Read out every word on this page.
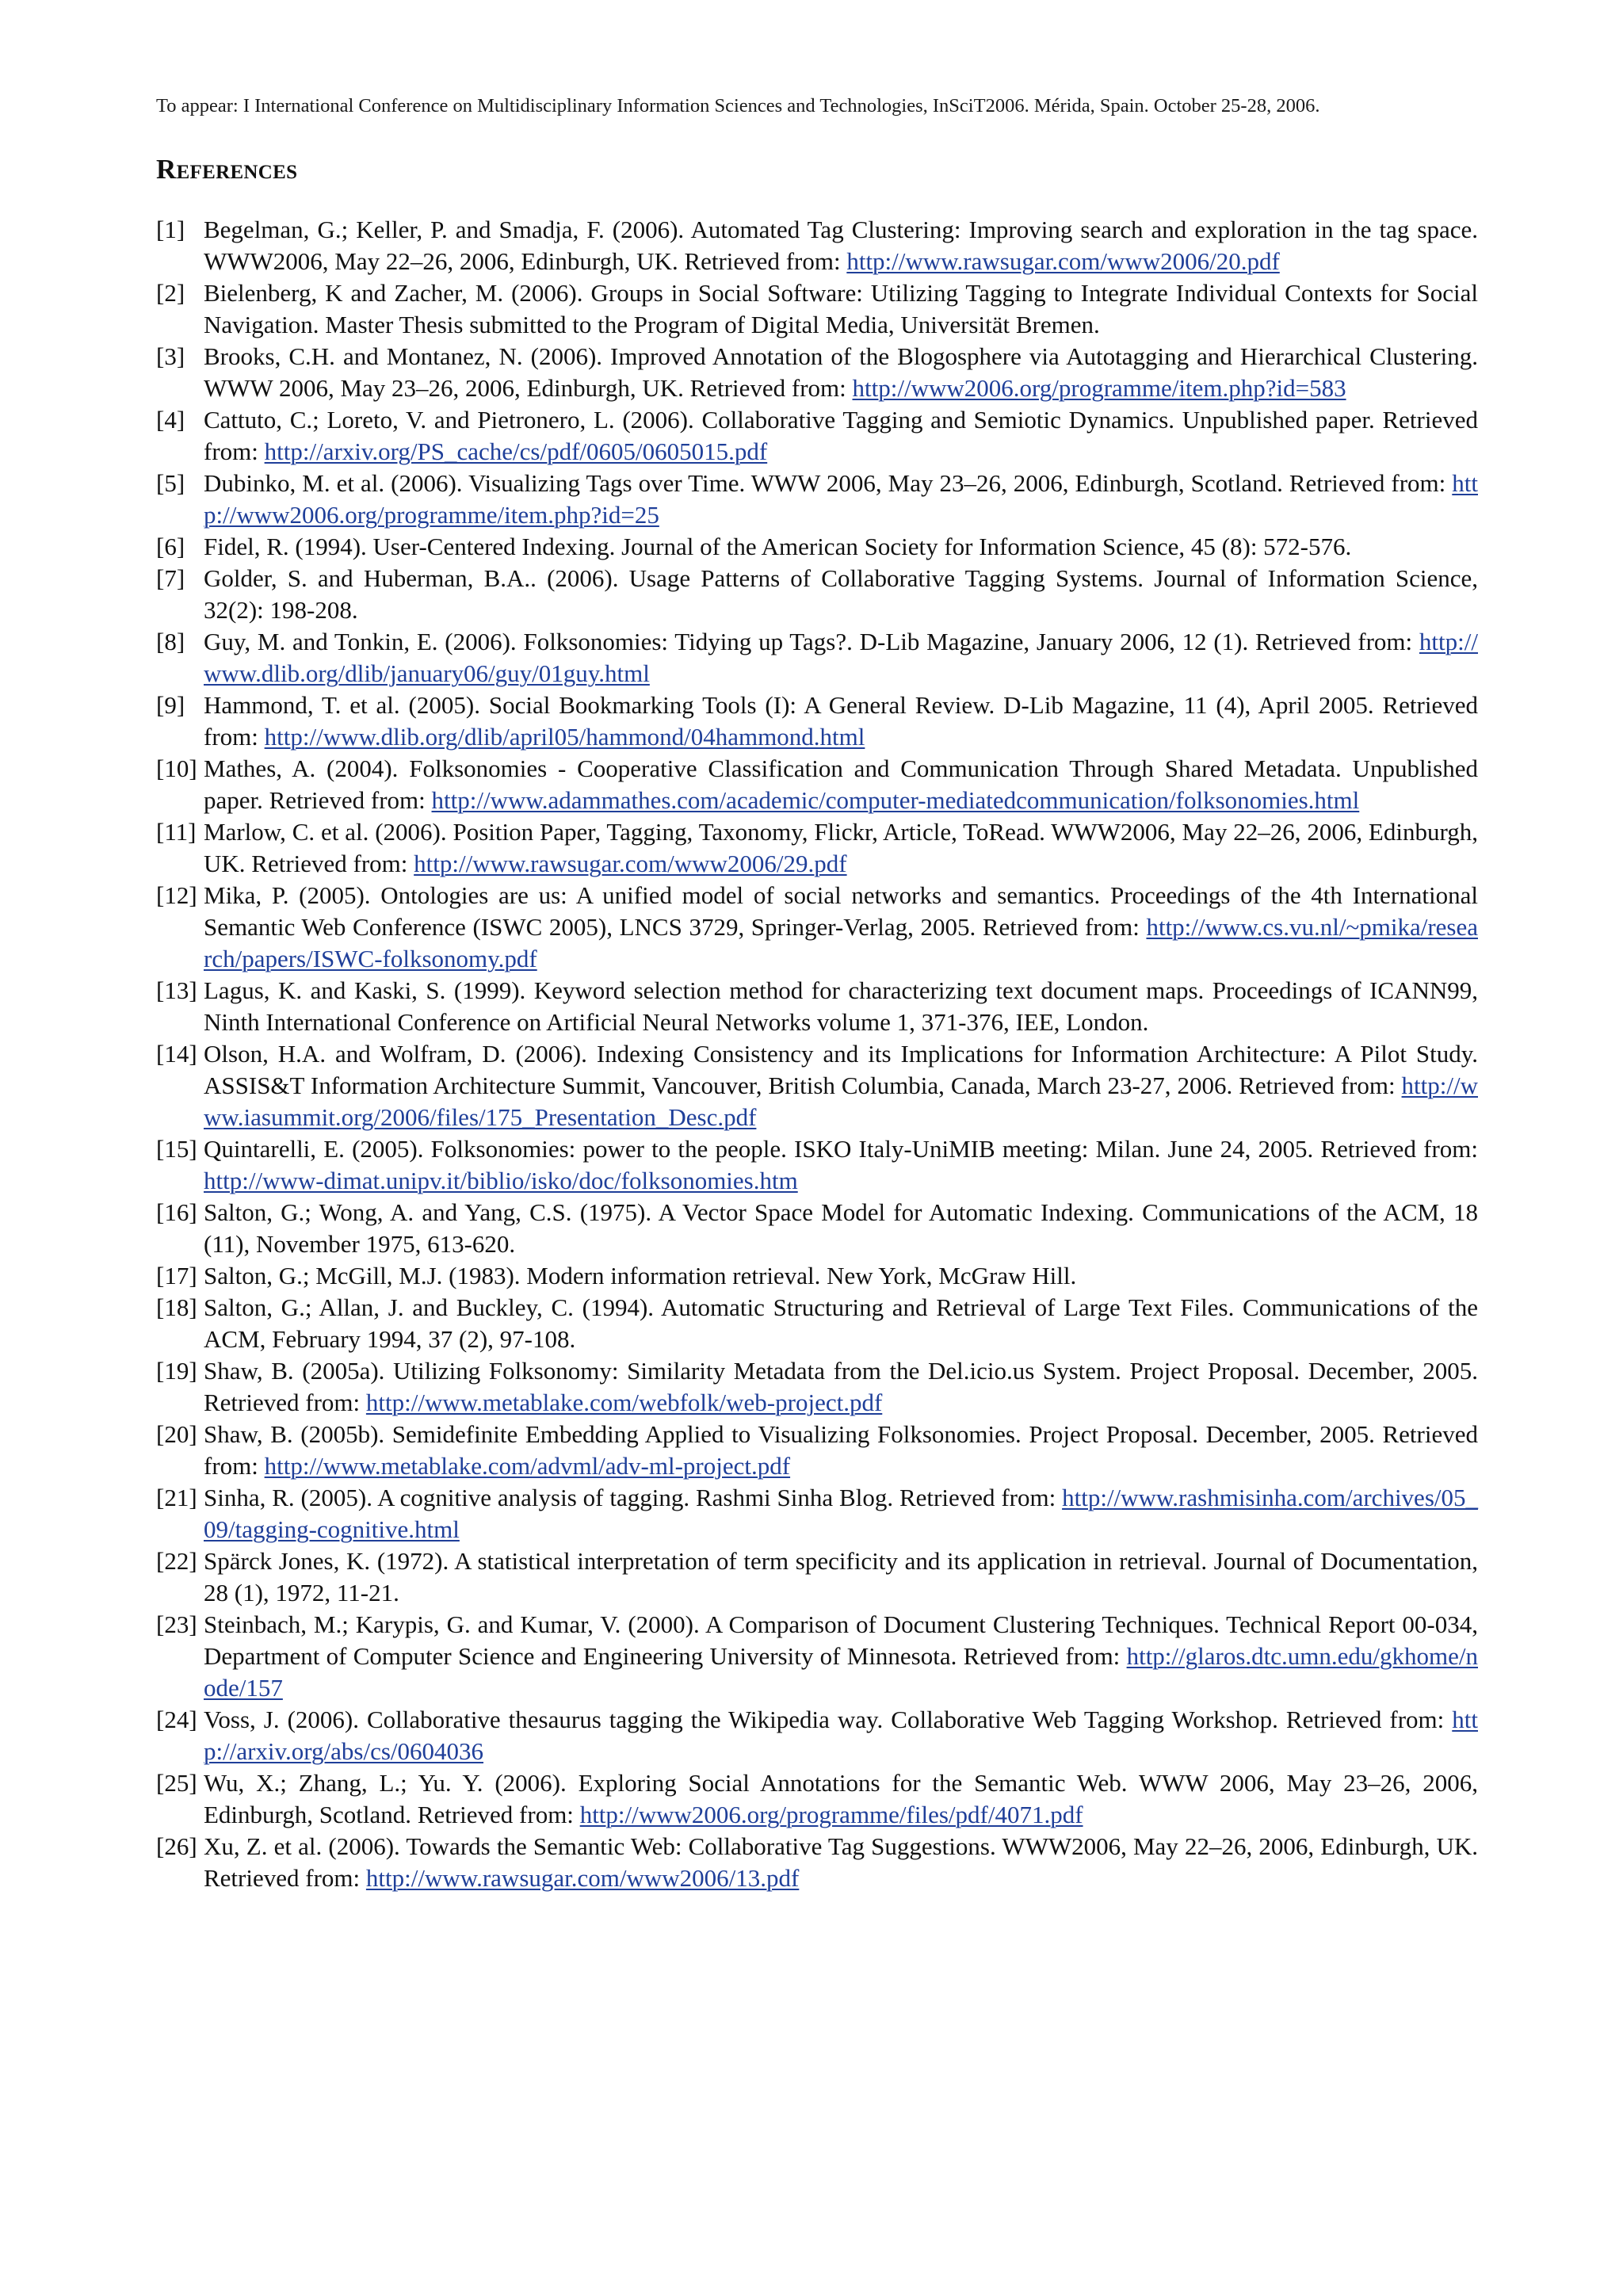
To appear: I International Conference on Multidisciplinary Information Sciences and Technologies, InSciT2006. Mérida, Spain. October 25-28, 2006.
References
[1] Begelman, G.; Keller, P. and Smadja, F. (2006). Automated Tag Clustering: Improving search and exploration in the tag space. WWW2006, May 22–26, 2006, Edinburgh, UK. Retrieved from: http://www.rawsugar.com/www2006/20.pdf
[2] Bielenberg, K and Zacher, M. (2006). Groups in Social Software: Utilizing Tagging to Integrate Individual Contexts for Social Navigation. Master Thesis submitted to the Program of Digital Media, Universität Bremen.
[3] Brooks, C.H. and Montanez, N. (2006). Improved Annotation of the Blogosphere via Autotagging and Hierarchical Clustering. WWW 2006, May 23–26, 2006, Edinburgh, UK. Retrieved from: http://www2006.org/programme/item.php?id=583
[4] Cattuto, C.; Loreto, V. and Pietronero, L. (2006). Collaborative Tagging and Semiotic Dynamics. Unpublished paper. Retrieved from: http://arxiv.org/PS_cache/cs/pdf/0605/0605015.pdf
[5] Dubinko, M. et al. (2006). Visualizing Tags over Time. WWW 2006, May 23–26, 2006, Edinburgh, Scotland. Retrieved from: http://www2006.org/programme/item.php?id=25
[6] Fidel, R. (1994). User-Centered Indexing. Journal of the American Society for Information Science, 45 (8): 572-576.
[7] Golder, S. and Huberman, B.A.. (2006). Usage Patterns of Collaborative Tagging Systems. Journal of Information Science, 32(2): 198-208.
[8] Guy, M. and Tonkin, E. (2006). Folksonomies: Tidying up Tags?. D-Lib Magazine, January 2006, 12 (1). Retrieved from: http://www.dlib.org/dlib/january06/guy/01guy.html
[9] Hammond, T. et al. (2005). Social Bookmarking Tools (I): A General Review. D-Lib Magazine, 11 (4), April 2005. Retrieved from: http://www.dlib.org/dlib/april05/hammond/04hammond.html
[10] Mathes, A. (2004). Folksonomies - Cooperative Classification and Communication Through Shared Metadata. Unpublished paper. Retrieved from: http://www.adammathes.com/academic/computer-mediatedcommunication/folksonomies.html
[11] Marlow, C. et al. (2006). Position Paper, Tagging, Taxonomy, Flickr, Article, ToRead. WWW2006, May 22–26, 2006, Edinburgh, UK. Retrieved from: http://www.rawsugar.com/www2006/29.pdf
[12] Mika, P. (2005). Ontologies are us: A unified model of social networks and semantics. Proceedings of the 4th International Semantic Web Conference (ISWC 2005), LNCS 3729, Springer-Verlag, 2005. Retrieved from: http://www.cs.vu.nl/~pmika/research/papers/ISWC-folksonomy.pdf
[13] Lagus, K. and Kaski, S. (1999). Keyword selection method for characterizing text document maps. Proceedings of ICANN99, Ninth International Conference on Artificial Neural Networks volume 1, 371-376, IEE, London.
[14] Olson, H.A. and Wolfram, D. (2006). Indexing Consistency and its Implications for Information Architecture: A Pilot Study. ASSIS&T Information Architecture Summit, Vancouver, British Columbia, Canada, March 23-27, 2006. Retrieved from: http://www.iasummit.org/2006/files/175_Presentation_Desc.pdf
[15] Quintarelli, E. (2005). Folksonomies: power to the people. ISKO Italy-UniMIB meeting: Milan. June 24, 2005. Retrieved from: http://www-dimat.unipv.it/biblio/isko/doc/folksonomies.htm
[16] Salton, G.; Wong, A. and Yang, C.S. (1975). A Vector Space Model for Automatic Indexing. Communications of the ACM, 18 (11), November 1975, 613-620.
[17] Salton, G.; McGill, M.J. (1983). Modern information retrieval. New York, McGraw Hill.
[18] Salton, G.; Allan, J. and Buckley, C. (1994). Automatic Structuring and Retrieval of Large Text Files. Communications of the ACM, February 1994, 37 (2), 97-108.
[19] Shaw, B. (2005a). Utilizing Folksonomy: Similarity Metadata from the Del.icio.us System. Project Proposal. December, 2005. Retrieved from: http://www.metablake.com/webfolk/web-project.pdf
[20] Shaw, B. (2005b). Semidefinite Embedding Applied to Visualizing Folksonomies. Project Proposal. December, 2005. Retrieved from: http://www.metablake.com/advml/adv-ml-project.pdf
[21] Sinha, R. (2005). A cognitive analysis of tagging. Rashmi Sinha Blog. Retrieved from: http://www.rashmisinha.com/archives/05_09/tagging-cognitive.html
[22] Spärck Jones, K. (1972). A statistical interpretation of term specificity and its application in retrieval. Journal of Documentation, 28 (1), 1972, 11-21.
[23] Steinbach, M.; Karypis, G. and Kumar, V. (2000). A Comparison of Document Clustering Techniques. Technical Report 00-034, Department of Computer Science and Engineering University of Minnesota. Retrieved from: http://glaros.dtc.umn.edu/gkhome/node/157
[24] Voss, J. (2006). Collaborative thesaurus tagging the Wikipedia way. Collaborative Web Tagging Workshop. Retrieved from: http://arxiv.org/abs/cs/0604036
[25] Wu, X.; Zhang, L.; Yu. Y. (2006). Exploring Social Annotations for the Semantic Web. WWW 2006, May 23–26, 2006, Edinburgh, Scotland. Retrieved from: http://www2006.org/programme/files/pdf/4071.pdf
[26] Xu, Z. et al. (2006). Towards the Semantic Web: Collaborative Tag Suggestions. WWW2006, May 22–26, 2006, Edinburgh, UK. Retrieved from: http://www.rawsugar.com/www2006/13.pdf
